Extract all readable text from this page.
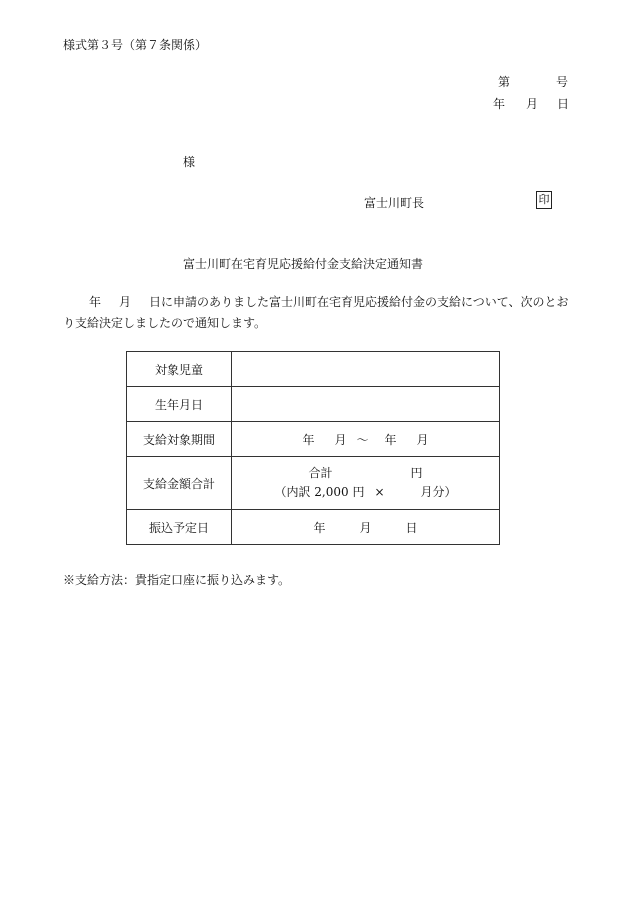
様式第３号（第７条関係）
第	号
年 月 日
様
富士川町長	印
富士川町在宅育児応援給付金支給決定通知書
年 月 日に申請のありました富士川町在宅育児応援給付金の支給について、次のとおり支給決定しましたので通知します。
対象児童	
生年月日	
支給対象期間	年 月 ～ 年 月
支給金額合計	合計 円
（内訳 2,000 円 × 月分）

振込予定日	年 月 日
※支給方法：貴指定口座に振り込みます。
